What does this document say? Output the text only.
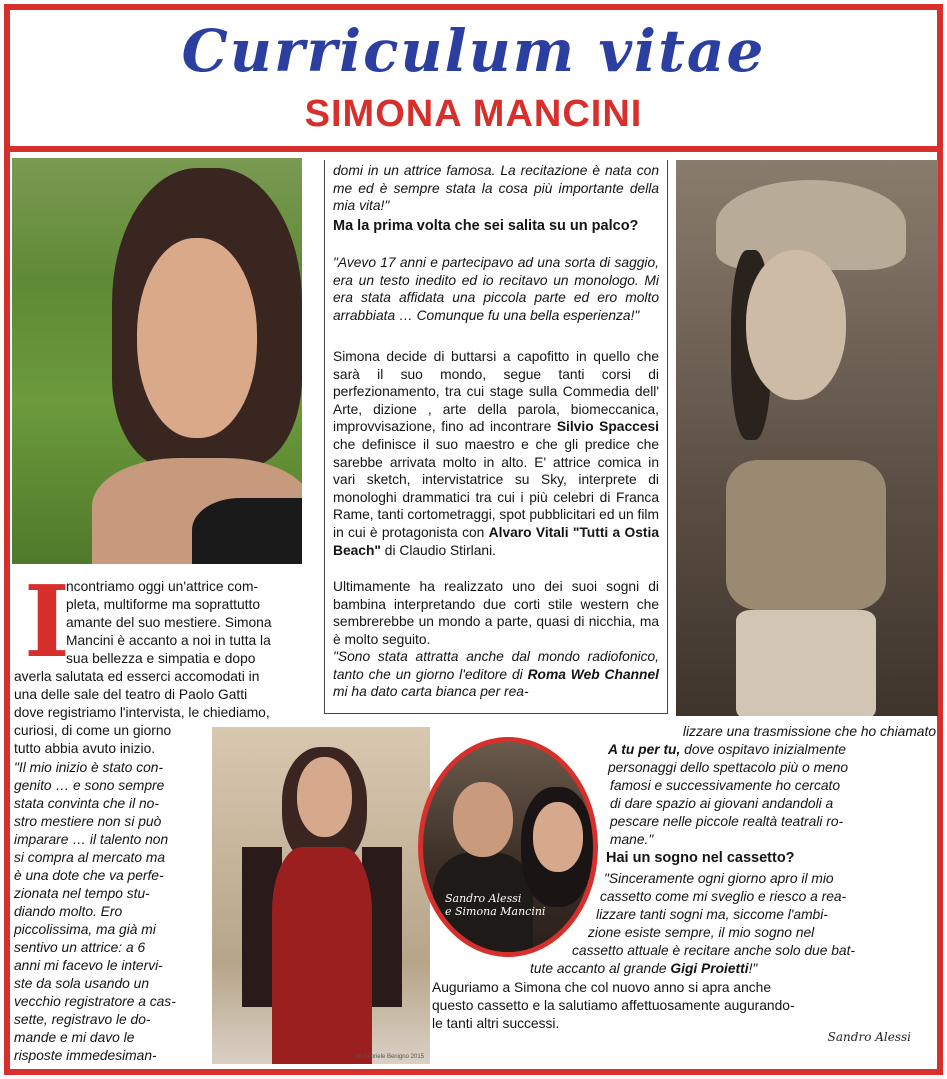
Curriculum vitae
SIMONA MANCINI

domi in un attrice famosa. La recitazione è nata con me ed è sempre stata la cosa più importante della mia vita!"

Ma la prima volta che sei salita su un palco?

"Avevo 17 anni e partecipavo ad una sorta di saggio, era un testo inedito ed io recitavo un monologo. Mi era stata affidata una piccola parte ed ero molto arrabbiata … Comunque fu una bella esperienza!"

Simona decide di buttarsi a capofitto in quello che sarà il suo mondo, segue tanti corsi di perfezionamento, tra cui stage sulla Commedia dell' Arte, dizione , arte della parola, biomeccanica, improvvisazione, fino ad incontrare Silvio Spaccesi che definisce il suo maestro e che gli predice che sarebbe arrivata molto in alto. E' attrice comica in vari sketch, intervistatrice su Sky, interprete di monologhi drammatici tra cui i più celebri di Franca Rame, tanti cortometraggi, spot pubblicitari ed un film in cui è protagonista con Alvaro Vitali "Tutti a Ostia Beach" di Claudio Stirlani.

Ultimamente ha realizzato uno dei suoi sogni di bambina interpretando due corti stile western che sembrerebbe un mondo a parte, quasi di nicchia, ma è molto seguito.

"Sono stata attratta anche dal mondo radiofonico, tanto che un giorno l'editore di Roma Web Channel mi ha dato carta bianca per rea-

I
ncontriamo oggi un'attrice com-
pleta, multiforme ma soprattutto
amante del suo mestiere. Simona
Mancini è accanto a noi in tutta la
sua bellezza e simpatia e dopo
averla salutata ed esserci accomodati in
una delle sale del teatro di Paolo Gatti
dove registriamo l'intervista, le chiediamo,
curiosi, di come un giorno
tutto abbia avuto inizio.
"Il mio inizio è stato con-
genito … e sono sempre
stata convinta che il no-
stro mestiere non si può
imparare … il talento non
si compra al mercato ma
è una dote che va perfe-
zionata nel tempo stu-
diando molto. Ero
piccolissima, ma già mi
sentivo un attrice: a 6
anni mi facevo le intervi-
ste da sola usando un
vecchio registratore a cas-
sette, registravo le do-
mande e mi davo le
risposte immedesiman-	di Gabriele Benigno 2015
Sandro Alessi
e Simona Mancini
lizzare una trasmissione che ho chiamato
A tu per tu, dove ospitavo inizialmente
personaggi dello spettacolo più o meno
famosi e successivamente ho cercato
di dare spazio ai giovani andandoli a
pescare nelle piccole realtà teatrali ro-
mane."
Hai un sogno nel cassetto?
"Sinceramente ogni giorno apro il mio
cassetto come mi sveglio e riesco a rea-
lizzare tanti sogni ma, siccome l'ambi-
zione esiste sempre, il mio sogno nel
cassetto attuale è recitare anche solo due bat-
tute accanto al grande Gigi Proietti!"
Auguriamo a Simona che col nuovo anno si apra anche
questo cassetto e la salutiamo affettuosamente augurando-
le tanti altri successi.
Sandro Alessi
